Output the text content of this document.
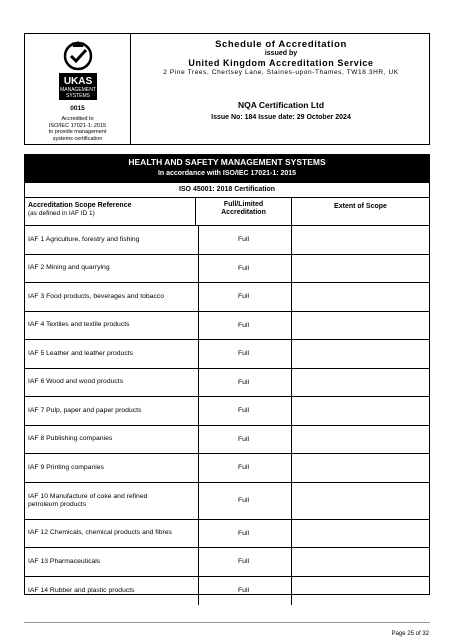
UKAS
MANAGEMENT
SYSTEMS
0015
Accredited to
ISO/IEC 17021-1: 2015
to provide management
systems certification
Schedule of Accreditation
issued by
United Kingdom Accreditation Service
2 Pine Trees, Chertsey Lane, Staines-upon-Thames, TW18 3HR, UK
NQA Certification Ltd
Issue No: 184 Issue date: 29 October 2024
HEALTH AND SAFETY MANAGEMENT SYSTEMS
In accordance with ISO/IEC 17021-1: 2015
ISO 45001: 2018 Certification
Accreditation Scope Reference
(as defined in IAF ID 1)
Full/Limited
Accreditation
Extent of Scope
IAF 1 Agriculture, forestry and fishing	Full
IAF 2 Mining and quarrying	Full
IAF 3 Food products, beverages and tobacco	Full
IAF 4 Textiles and textile products	Full
IAF 5 Leather and leather products	Full
IAF 6 Wood and wood products	Full
IAF 7 Pulp, paper and paper products	Full
IAF 8 Publishing companies	Full
IAF 9 Printing companies	Full
IAF 10 Manufacture of coke and refined
petroleum products	Full
IAF 12 Chemicals, chemical products and fibres	Full
IAF 13 Pharmaceuticals	Full
IAF 14 Rubber and plastic products	Full
Page 25 of 32
